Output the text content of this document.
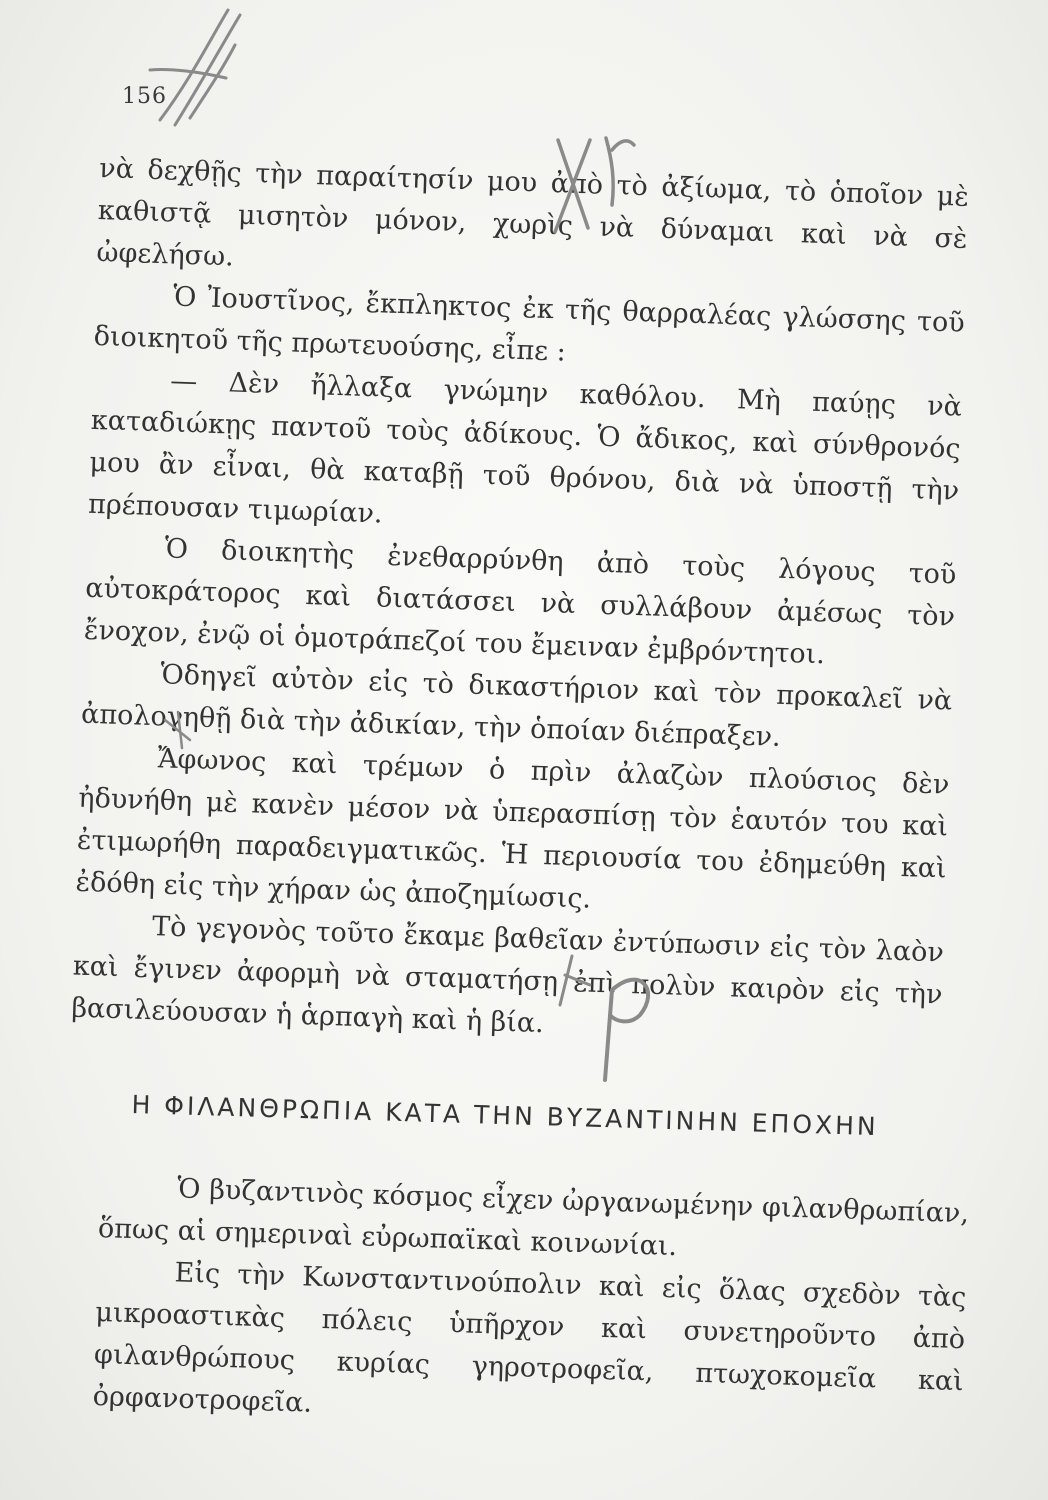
156

νὰ δεχθῇς τὴν παραίτησίν μου ἀπὸ τὸ ἀξίωμα, τὸ ὁποῖον μὲ καθιστᾷ μισητὸν μόνον, χωρὶς νὰ δύναμαι καὶ νὰ σὲ ὠφελήσω.

Ὁ Ἰουστῖνος, ἔκπληκτος ἐκ τῆς θαρραλέας γλώσσης τοῦ διοικητοῦ τῆς πρωτευούσης, εἶπε :

— Δὲν ἤλλαξα γνώμην καθόλου. Μὴ παύῃς νὰ καταδιώκῃς παντοῦ τοὺς ἀδίκους. Ὁ ἄδικος, καὶ σύνθρονός μου ἂν εἶναι, θὰ καταβῇ τοῦ θρόνου, διὰ νὰ ὑποστῇ τὴν πρέπουσαν τιμωρίαν.

Ὁ διοικητὴς ἐνεθαρρύνθη ἀπὸ τοὺς λόγους τοῦ αὐτοκράτορος καὶ διατάσσει νὰ συλλάβουν ἀμέσως τὸν ἔνοχον, ἐνῷ οἱ ὁμοτράπεζοί του ἔμειναν ἐμβρόντητοι.

Ὁδηγεῖ αὐτὸν εἰς τὸ δικαστήριον καὶ τὸν προκαλεῖ νὰ ἀπολογηθῇ διὰ τὴν ἀδικίαν, τὴν ὁποίαν διέπραξεν.

Ἄφωνος καὶ τρέμων ὁ πρὶν ἀλαζὼν πλούσιος δὲν ἠδυνήθη μὲ κανὲν μέσον νὰ ὑπερασπίσῃ τὸν ἑαυτόν του καὶ ἐτιμωρήθη παραδειγματικῶς. Ἡ περιουσία του ἐδημεύθη καὶ ἐδόθη εἰς τὴν χήραν ὡς ἀποζημίωσις.

Τὸ γεγονὸς τοῦτο ἔκαμε βαθεῖαν ἐντύπωσιν εἰς τὸν λαὸν καὶ ἔγινεν ἀφορμὴ νὰ σταματήσῃ ἐπὶ πολὺν καιρὸν εἰς τὴν βασιλεύουσαν ἡ ἁρπαγὴ καὶ ἡ βία.

Η ΦΙΛΑΝΘΡΩΠΙΑ ΚΑΤΑ ΤΗΝ ΒΥΖΑΝΤΙΝΗΝ ΕΠΟΧΗΝ

Ὁ βυζαντινὸς κόσμος εἶχεν ὠργανωμένην φιλανθρωπίαν, ὅπως αἱ σημεριναὶ εὐρωπαϊκαὶ κοινωνίαι.

Εἰς τὴν Κωνσταντινούπολιν καὶ εἰς ὅλας σχεδὸν τὰς μικροαστικὰς πόλεις ὑπῆρχον καὶ συνετηροῦντο ἀπὸ φιλανθρώπους κυρίας γηροτροφεῖα, πτωχοκομεῖα καὶ ὀρφανοτροφεῖα.
